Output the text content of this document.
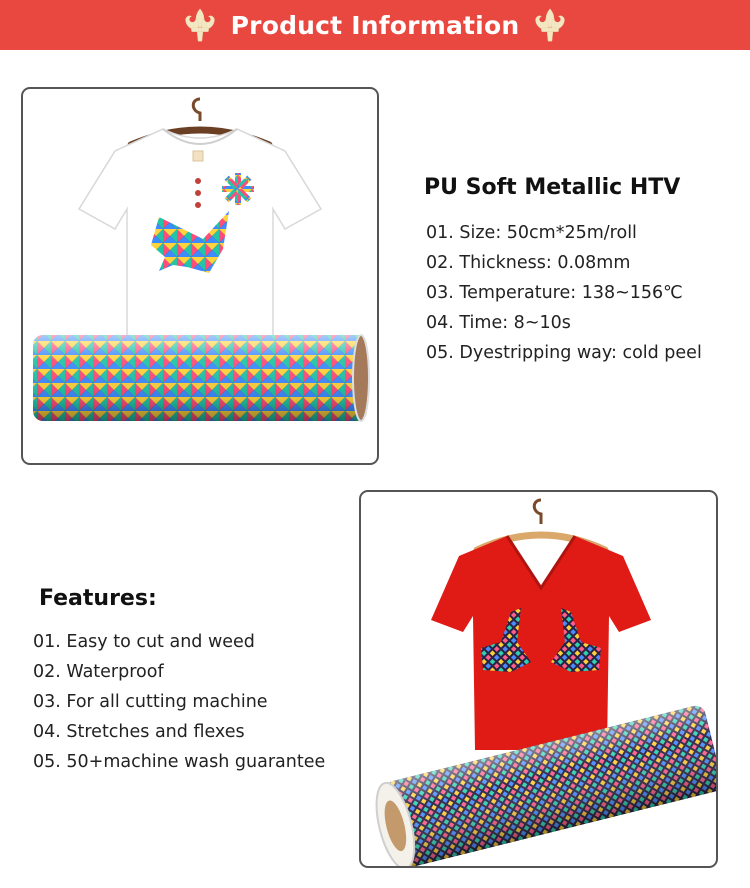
Product Information
PU Soft Metallic HTV
01. Size: 50cm*25m/roll
02. Thickness: 0.08mm
03. Temperature: 138~156℃
04. Time: 8~10s
05. Dyestripping way: cold peel
Features:
01. Easy to cut and weed
02. Waterproof
03. For all cutting machine
04. Stretches and flexes
05. 50+machine wash guarantee
